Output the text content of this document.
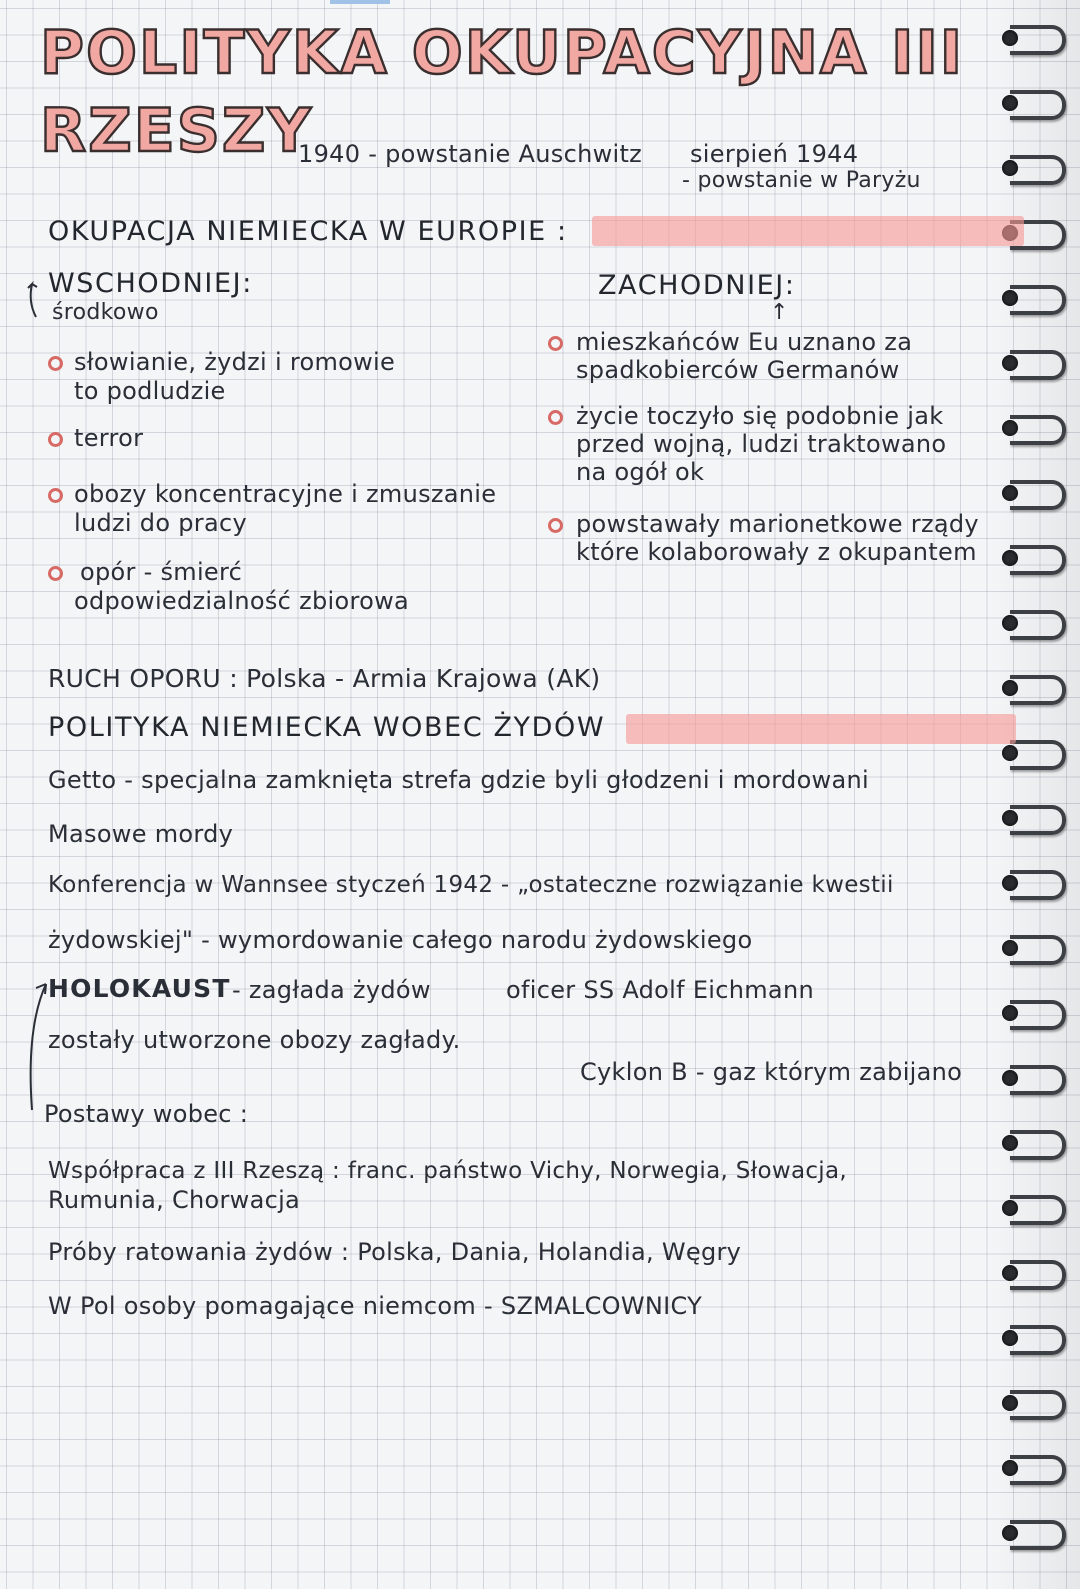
POLITYKA OKUPACYJNA III
RZESZY
1940 - powstanie Auschwitz sierpień 1944
- powstanie w Paryżu
OKUPACJA NIEMIECKA W EUROPIE :
WSCHODNIEJ:
środkowo
słowianie, żydzi i romowie
to podludzie
terror
obozy koncentracyjne i zmuszanie
ludzi do pracy
opór - śmierć
odpowiedzialność zbiorowa
ZACHODNIEJ:
↑
mieszkańców Eu uznano za
spadkobierców Germanów
życie toczyło się podobnie jak
przed wojną, ludzi traktowano
na ogół ok
powstawały marionetkowe rządy
które kolaborowały z okupantem
RUCH OPORU : Polska - Armia Krajowa (AK)
POLITYKA NIEMIECKA WOBEC ŻYDÓW
Getto - specjalna zamknięta strefa gdzie byli głodzeni i mordowani
Masowe mordy
Konferencja w Wannsee styczeń 1942 - „ostateczne rozwiązanie kwestii
żydowskiej" - wymordowanie całego narodu żydowskiego
HOLOKAUST - zagłada żydów	oficer SS Adolf Eichmann
zostały utworzone obozy zagłady.
Cyklon B - gaz którym zabijano
Postawy wobec :
Współpraca z III Rzeszą : franc. państwo Vichy, Norwegia, Słowacja,
Rumunia, Chorwacja
Próby ratowania żydów : Polska, Dania, Holandia, Węgry
W Pol osoby pomagające niemcom - SZMALCOWNICY
